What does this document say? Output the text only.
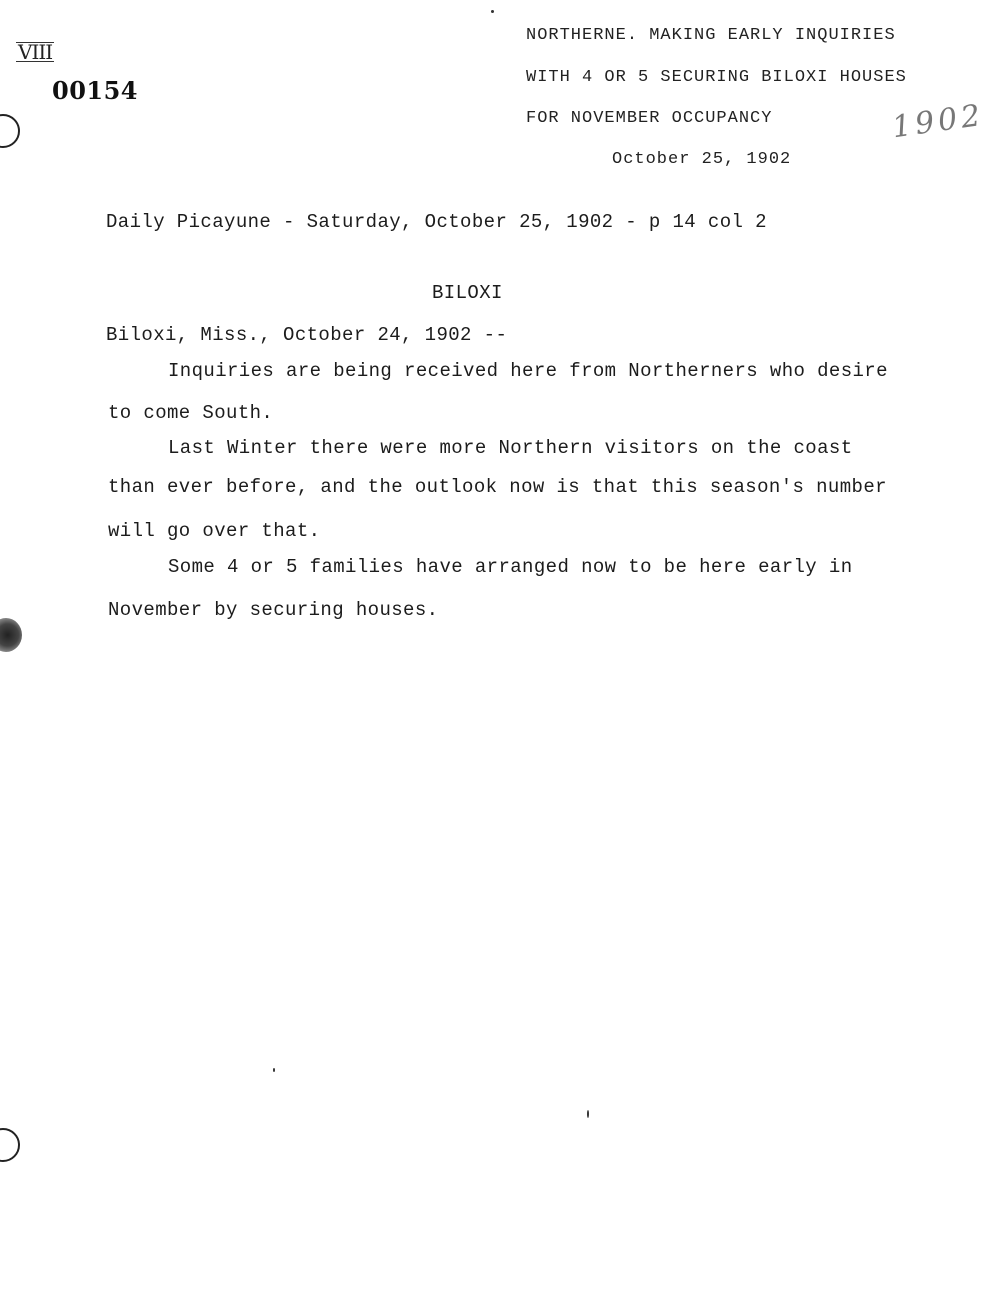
VIII
00154
NORTHERNE. MAKING EARLY INQUIRIES
WITH 4 OR 5 SECURING BILOXI HOUSES
FOR NOVEMBER OCCUPANCY
October 25, 1902
1902
Daily Picayune - Saturday, October 25, 1902 - p 14 col 2
BILOXI
Biloxi, Miss., October 24, 1902 --
Inquiries are being received here from Northerners who desire
to come South.
Last Winter there were more Northern visitors on the coast
than ever before, and the outlook now is that this season's number
will go over that.
Some 4 or 5 families have arranged now to be here early in
November by securing houses.
